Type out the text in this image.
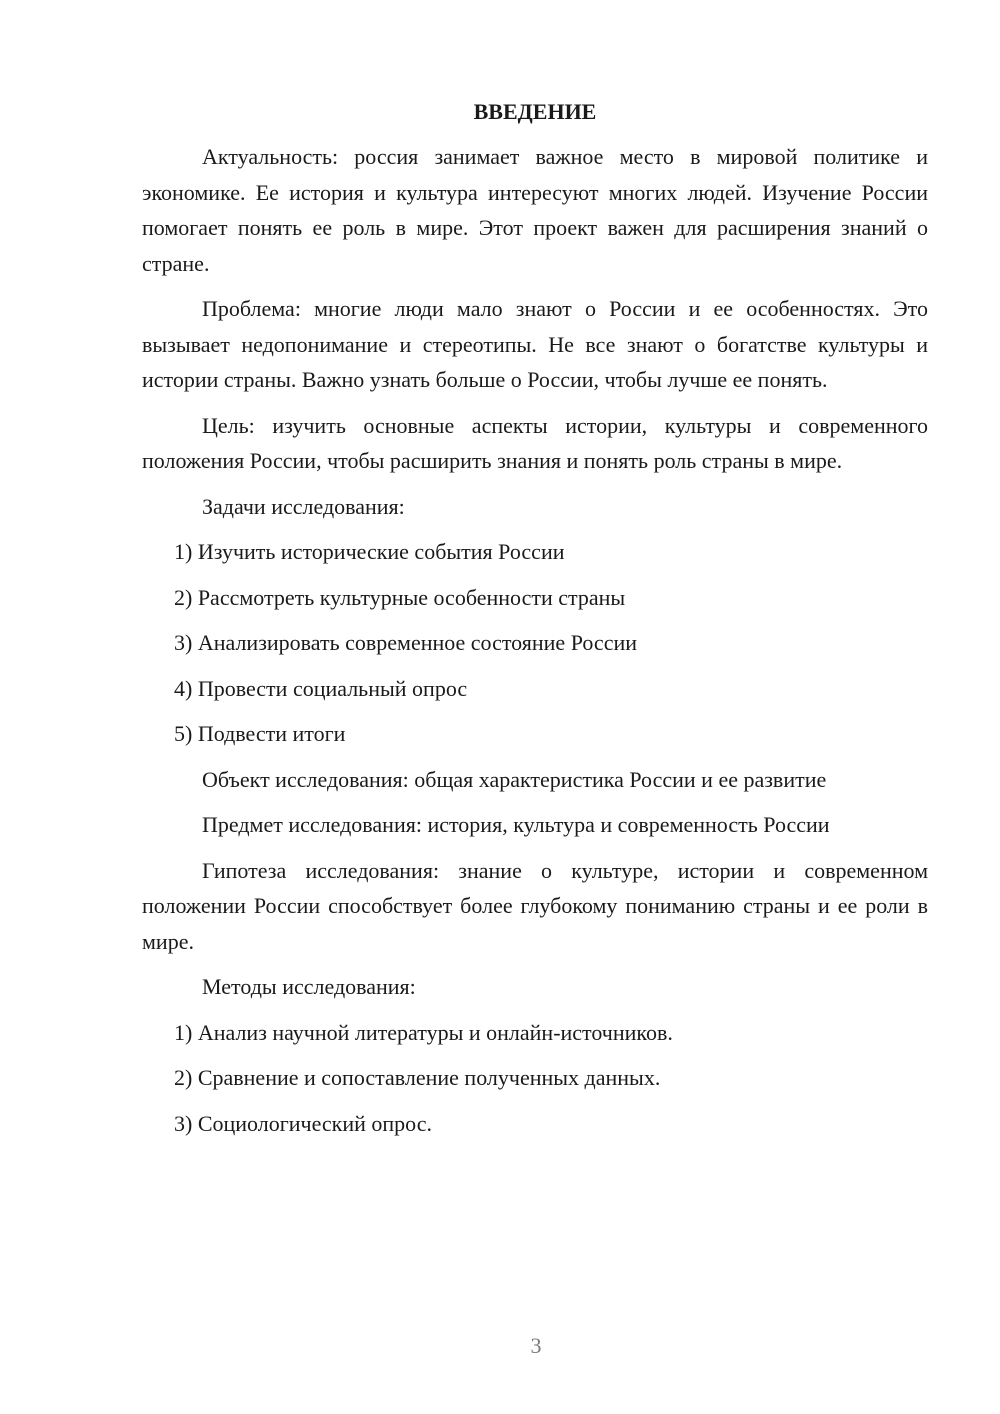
ВВЕДЕНИЕ

Актуальность: россия занимает важное место в мировой политике и экономике. Ее история и культура интересуют многих людей. Изучение России помогает понять ее роль в мире. Этот проект важен для расширения знаний о стране.

Проблема: многие люди мало знают о России и ее особенностях. Это вызывает недопонимание и стереотипы. Не все знают о богатстве культуры и истории страны. Важно узнать больше о России, чтобы лучше ее понять.

Цель: изучить основные аспекты истории, культуры и современного положения России, чтобы расширить знания и понять роль страны в мире.

Задачи исследования:
1) Изучить исторические события России
2) Рассмотреть культурные особенности страны
3) Анализировать современное состояние России
4) Провести социальный опрос
5) Подвести итоги
Объект исследования: общая характеристика России и ее развитие
Предмет исследования: история, культура и современность России

Гипотеза исследования: знание о культуре, истории и современном положении России способствует более глубокому пониманию страны и ее роли в мире.

Методы исследования:
1) Анализ научной литературы и онлайн-источников.
2) Сравнение и сопоставление полученных данных.
3) Социологический опрос.
3
